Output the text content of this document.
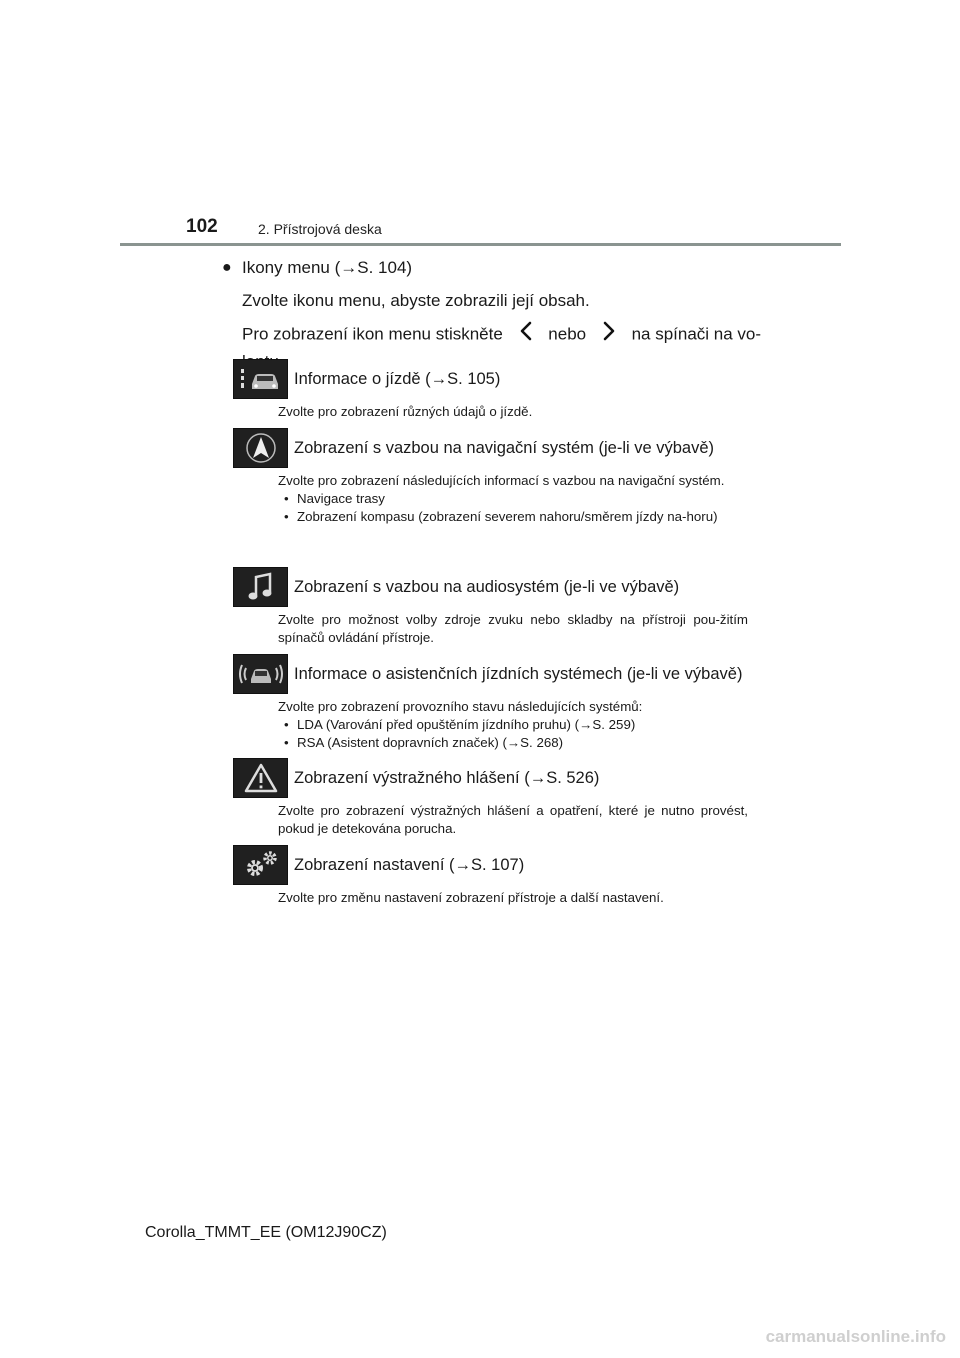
102	2. Přístrojová deska
● Ikony menu (→S. 104)
Zvolte ikonu menu, abyste zobrazili její obsah.
Pro zobrazení ikon menu stiskněte	nebo	na spínači na vo-
Informace o jízdě (→S. 105)
Zvolte pro zobrazení různých údajů o jízdě.
Zobrazení s vazbou na navigační systém (je-li ve výbavě)
Zvolte pro zobrazení následujících informací s vazbou na navigační systém.
• Navigace trasy
• Zobrazení kompasu (zobrazení severem nahoru/směrem jízdy na-horu)
Zobrazení s vazbou na audiosystém (je-li ve výbavě)
Zvolte pro možnost volby zdroje zvuku nebo skladby na přístroji pou-žitím spínačů ovládání přístroje.
Informace o asistenčních jízdních systémech (je-li ve výbavě)
Zvolte pro zobrazení provozního stavu následujících systémů:
• LDA (Varování před opuštěním jízdního pruhu) (→S. 259)
• RSA (Asistent dopravních značek) (→S. 268)
Zobrazení výstražného hlášení (→S. 526)
Zvolte pro zobrazení výstražných hlášení a opatření, které je nutno provést, pokud je detekována porucha.
Zobrazení nastavení (→S. 107)
Zvolte pro změnu nastavení zobrazení přístroje a další nastavení.
Corolla_TMMT_EE (OM12J90CZ)
carmanualsonline.info
